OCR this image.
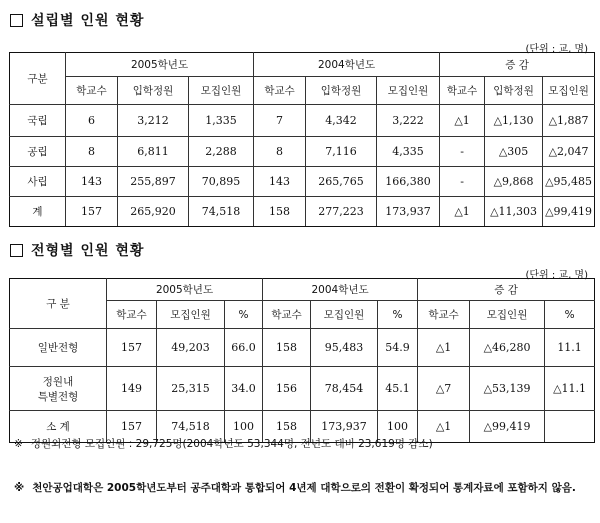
설립별 인원 현황
(단위 : 교, 명)
구분	2005학년도			2004학년도			증 감		
	학교수	입학정원	모집인원	학교수	입학정원	모집인원	학교수	입학정원	모집인원
국립	6	3,212	1,335	7	4,342	3,222	△1	△1,130	△1,887
공립	8	6,811	2,288	8	7,116	4,335	-	△305	△2,047
사립	143	255,897	70,895	143	265,765	166,380	-	△9,868	△95,485
계	157	265,920	74,518	158	277,223	173,937	△1	△11,303	△99,419
전형별 인원 현황
(단위 : 교, 명)
구 분	2005학년도			2004학년도			증 감		
	학교수	모집인원	%	학교수	모집인원	%	학교수	모집인원	%

일반전형	157	49,203	66.0	158	95,483	54.9	△1	△46,280	11.1

정원내
특별전형	149	25,315	34.0	156	78,454	45.1	△7	△53,139	△11.1

소 계	157	74,518	100	158	173,937	100	△1	△99,419	
※ 정원외전형 모집인원 : 29,725명(2004학년도 53,344명, 전년도 대비 23,619명 감소)
※ 천안공업대학은 2005학년도부터 공주대학과 통합되어 4년제 대학으로의 전환이 확정되어 통계자료에 포함하지 않음.
